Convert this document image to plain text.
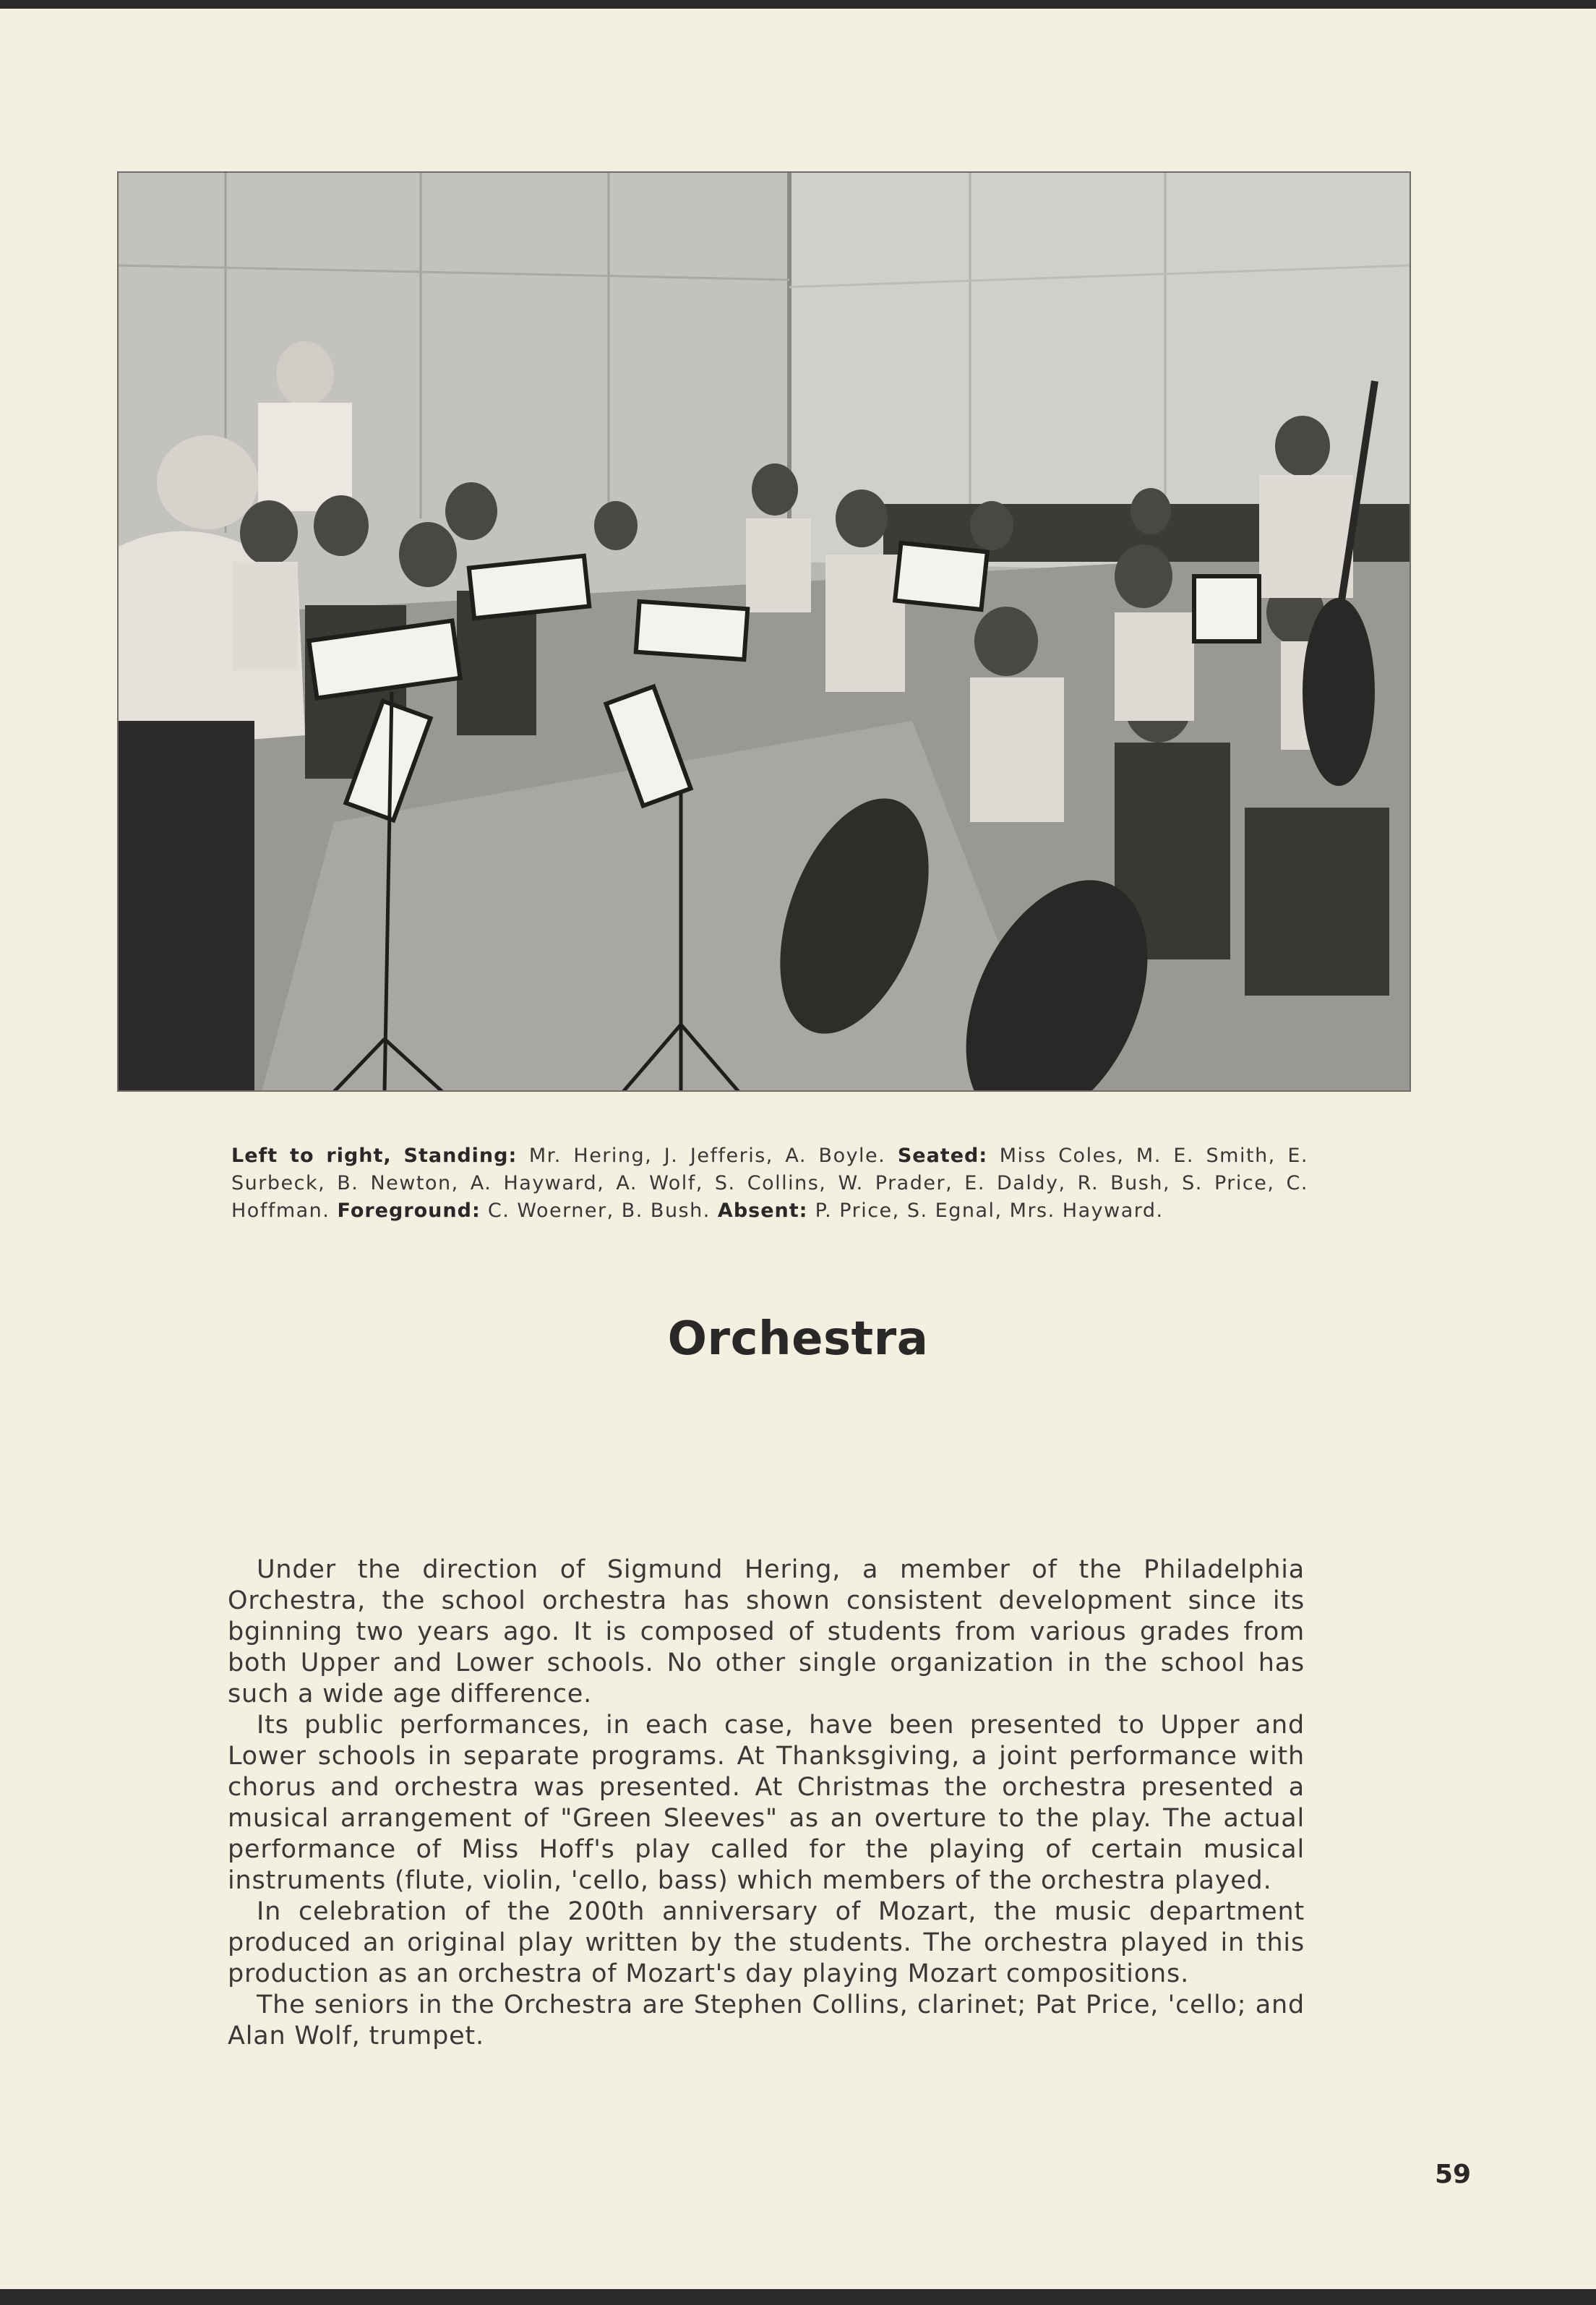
Left to right, Standing: Mr. Hering, J. Jefferis, A. Boyle. Seated: Miss Coles, M. E. Smith, E. Surbeck, B. Newton, A. Hayward, A. Wolf, S. Collins, W. Prader, E. Daldy, R. Bush, S. Price, C. Hoffman. Foreground: C. Woerner, B. Bush. Absent: P. Price, S. Egnal, Mrs. Hayward.
Orchestra

Under the direction of Sigmund Hering, a member of the Philadelphia Orchestra, the school orchestra has shown consistent development since its bginning two years ago. It is composed of students from various grades from both Upper and Lower schools. No other single organization in the school has such a wide age difference.

Its public performances, in each case, have been presented to Upper and Lower schools in separate programs. At Thanksgiving, a joint performance with chorus and orchestra was presented. At Christmas the orchestra presented a musical arrangement of "Green Sleeves" as an overture to the play. The actual performance of Miss Hoff's play called for the playing of certain musical instruments (flute, violin, 'cello, bass) which members of the orchestra played.

In celebration of the 200th anniversary of Mozart, the music department produced an original play written by the students. The orchestra played in this production as an orchestra of Mozart's day playing Mozart compositions.

The seniors in the Orchestra are Stephen Collins, clarinet; Pat Price, 'cello; and Alan Wolf, trumpet.

59
